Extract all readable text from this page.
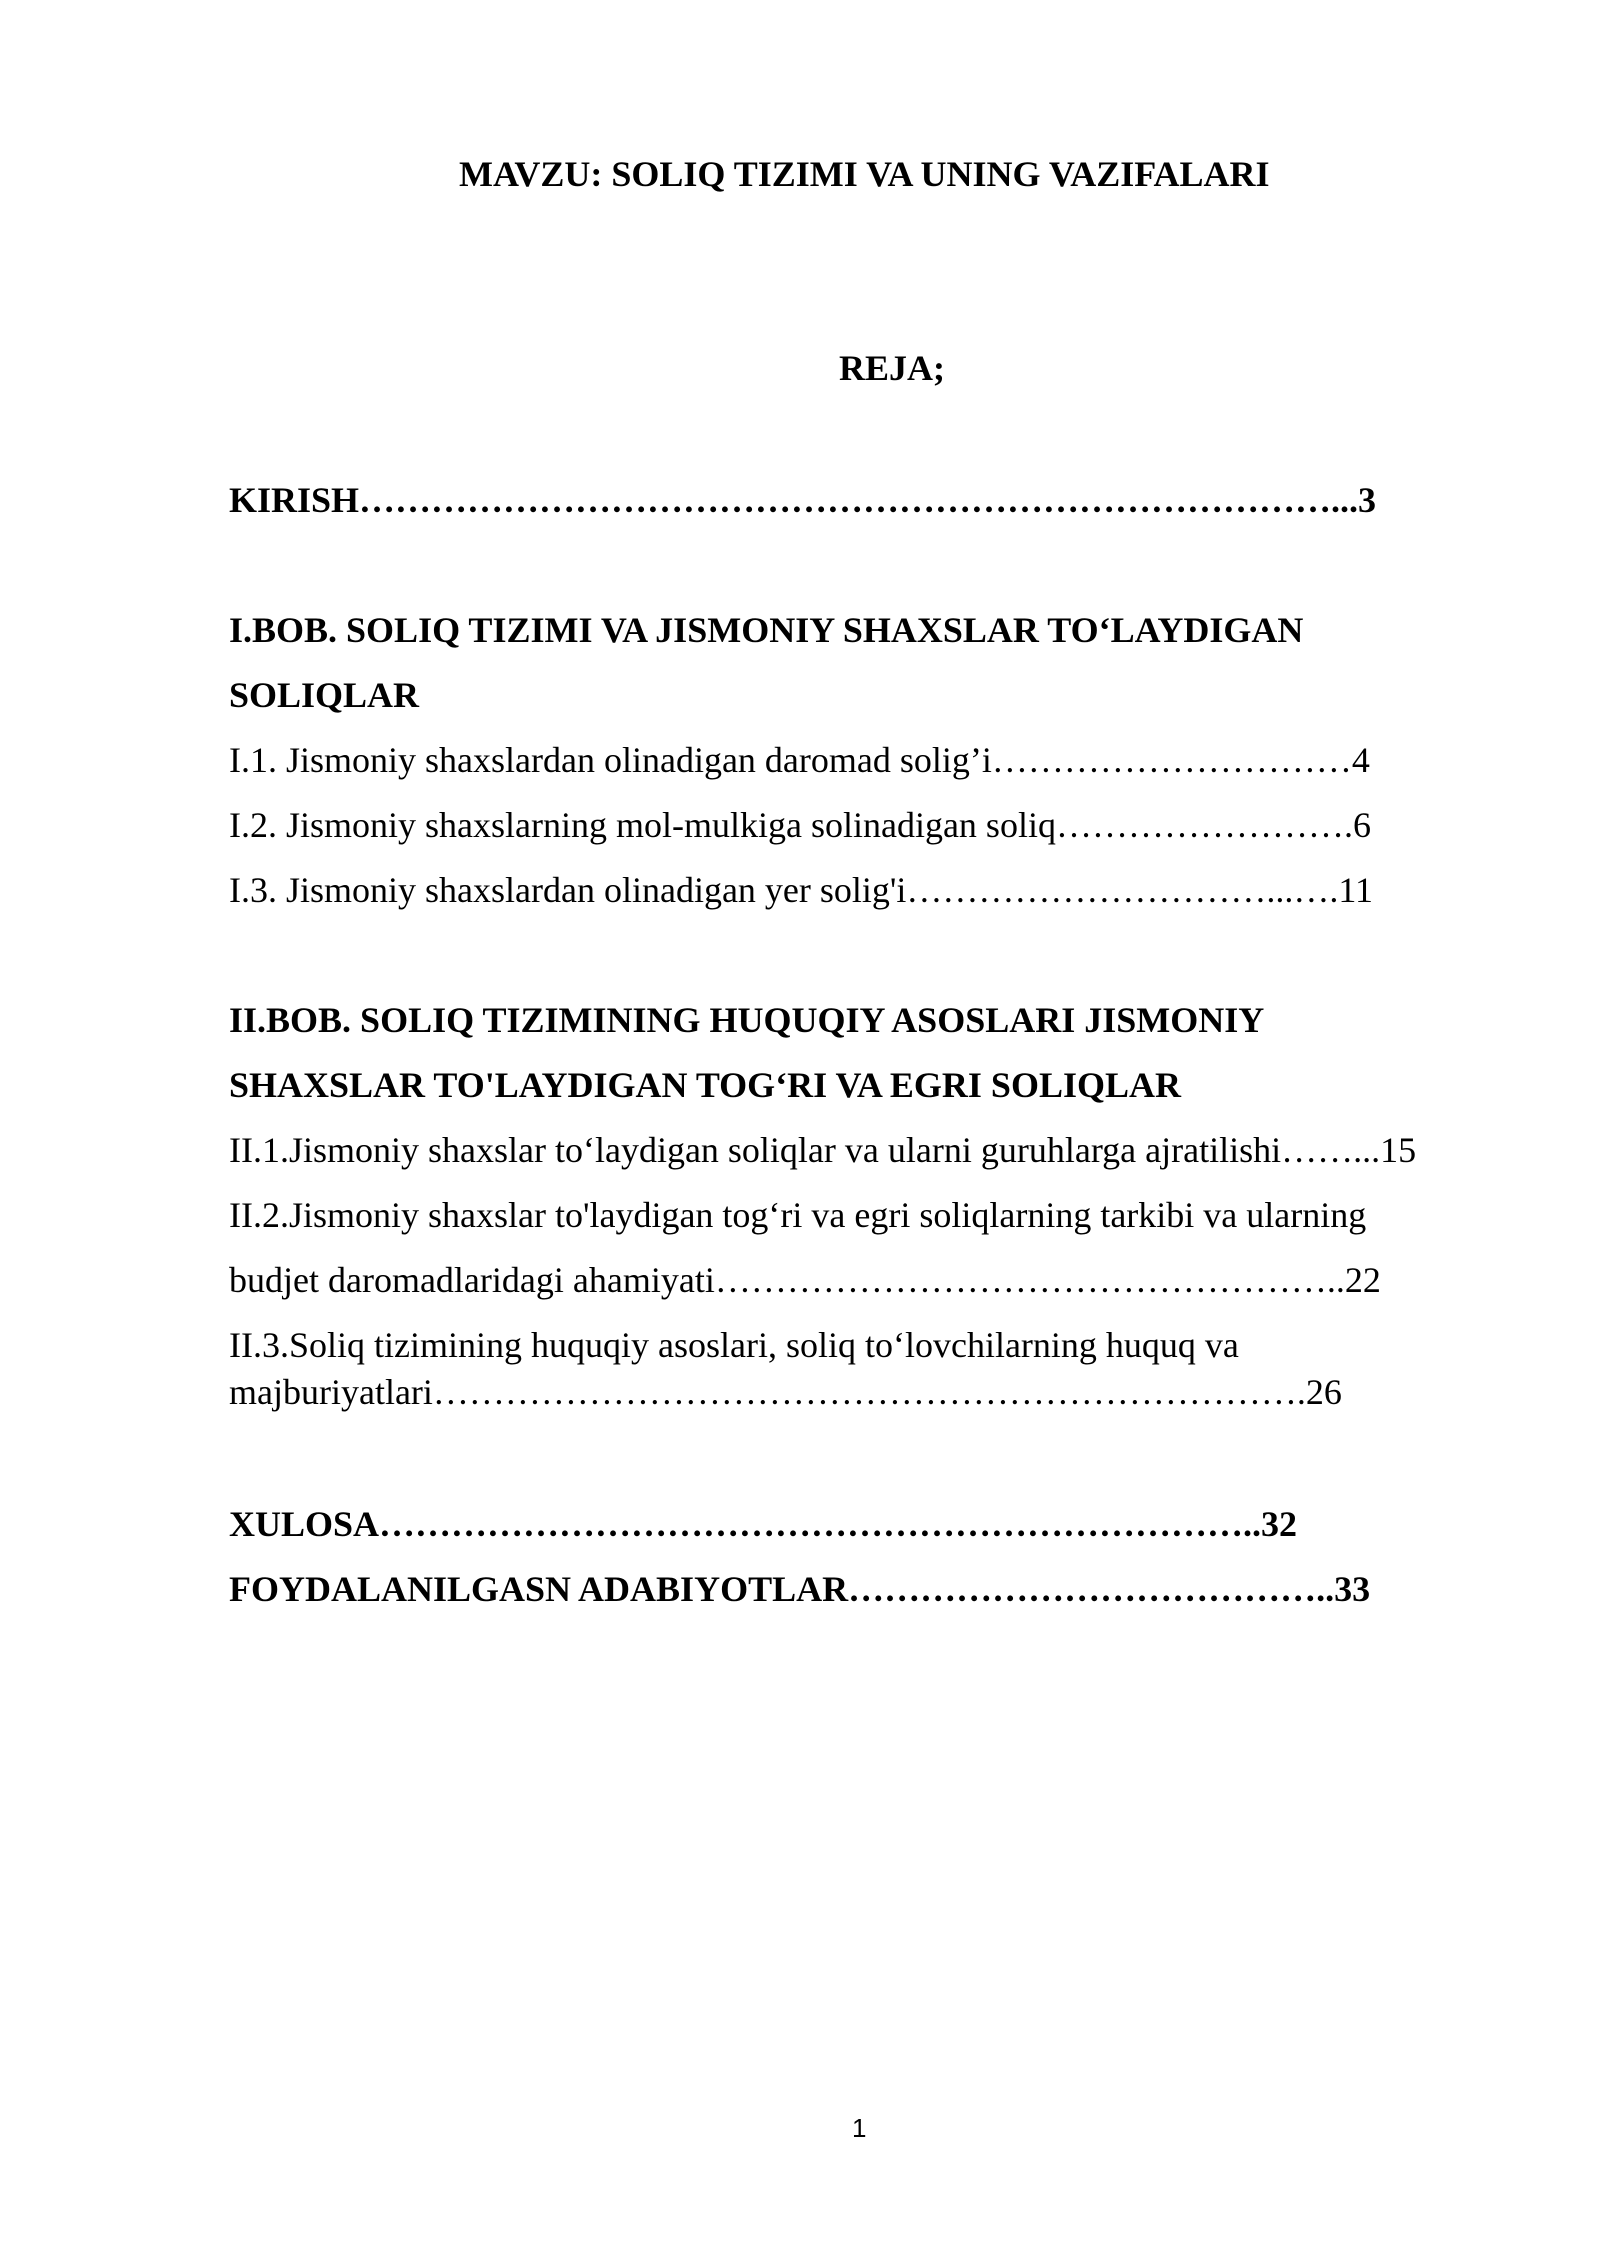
MAVZU: SOLIQ TIZIMI VA UNING VAZIFALARI
REJA;
KIRISH………………………………………………………………………...3
I.BOB. SOLIQ TIZIMI VA JISMONIY SHAXSLAR TO‘LAYDIGAN
SOLIQLAR
I.1. Jismoniy shaxslardan olinadigan daromad solig’i…………………………4
I.2. Jismoniy shaxslarning mol-mulkiga solinadigan soliq…………………….6
I.3. Jismoniy shaxslardan olinadigan yer solig'i…………………………...….11
II.BOB. SOLIQ TIZIMINING HUQUQIY ASOSLARI JISMONIY
SHAXSLAR TO'LAYDIGAN TOG‘RI VA EGRI SOLIQLAR
II.1.Jismoniy shaxslar to‘laydigan soliqlar va ularni guruhlarga ajratilishi……...15
II.2.Jismoniy shaxslar to'laydigan tog‘ri va egri soliqlarning tarkibi va ularning
budjet daromadlaridagi ahamiyati……………………………………………..22
II.3.Soliq tizimining huquqiy asoslari, soliq to‘lovchilarning huquq va
majburiyatlari……………………………………………………………….26
XULOSA………………………………………………………………..32
FOYDALANILGASN ADABIYOTLAR…………………………………..33
1
